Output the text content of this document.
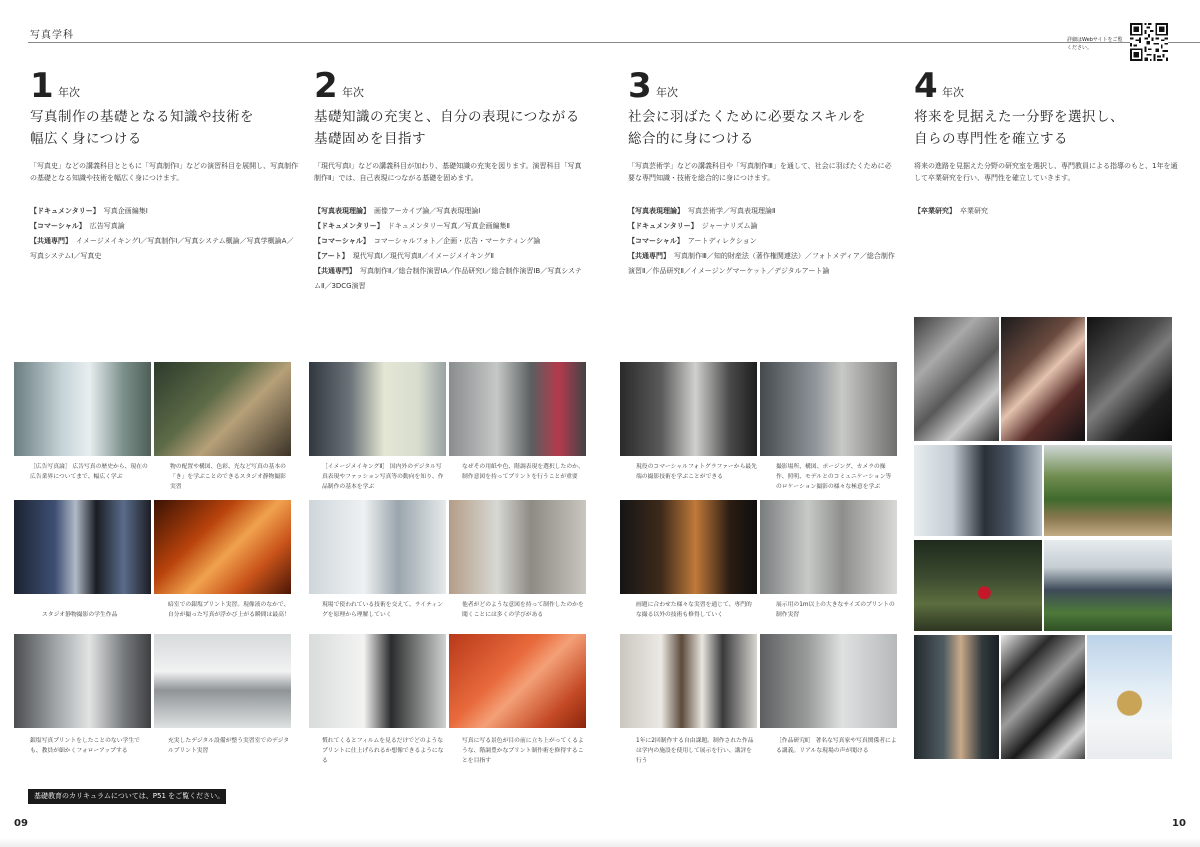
写真学科	詳細はWebサイトをご覧ください。
1 年次
写真制作の基礎となる知識や技術を
幅広く身につける
「写真史」などの講義科目とともに「写真制作Ⅰ」などの演習科目を展開し、写真制作の基礎となる知識や技術を幅広く身につけます。
【ドキュメンタリー】 写真企画編集Ⅰ
【コマーシャル】 広告写真論
【共通専門】 イメージメイキングⅠ／写真制作Ⅰ／写真システム概論／写真学概論A／写真システムⅠ／写真史
2 年次
基礎知識の充実と、自分の表現につながる
基礎固めを目指す
「現代写真Ⅰ」などの講義科目が加わり、基礎知識の充実を図ります。演習科目「写真制作Ⅱ」では、自己表現につながる基礎を固めます。
【写真表現理論】 画像アーカイブ論／写真表現理論Ⅰ
【ドキュメンタリー】 ドキュメンタリー写真／写真企画編集Ⅱ
【コマーシャル】 コマーシャルフォト／企画・広告・マーケティング論
【アート】 現代写真Ⅰ／現代写真Ⅱ／イメージメイキングⅡ
【共通専門】 写真制作Ⅱ／総合制作演習ⅠA／作品研究Ⅰ／総合制作演習ⅠB／写真システムⅡ／3DCG演習
3 年次
社会に羽ばたくために必要なスキルを
総合的に身につける
「写真芸術学」などの講義科目や「写真制作Ⅲ」を通して、社会に羽ばたくために必要な専門知識・技術を総合的に身につけます。
【写真表現理論】 写真芸術学／写真表現理論Ⅱ
【ドキュメンタリー】 ジャーナリズム論
【コマーシャル】 アートディレクション
【共通専門】 写真制作Ⅲ／知的財産法（著作権関連法）／フォトメディア／総合制作演習Ⅱ／作品研究Ⅱ／イメージングマーケット／デジタルアート論
4 年次
将来を見据えた一分野を選択し、
自らの専門性を確立する
将来の進路を見据えた分野の研究室を選択し、専門教員による指導のもと、1年を通して卒業研究を行い、専門性を確立していきます。
【卒業研究】 卒業研究
［広告写真論］ 広告写真の歴史から、現在の広告業界についてまで、幅広く学ぶ
物の配置や構図、色彩、光など写真の基本の「き」を学ぶことのできるスタジオ静物撮影実習
［イメージメイキングⅡ］ 国内外のデジタル写真表現やファッション写真等の動向を知り、作品制作の基本を学ぶ
なぜその用紙や色、階調表現を選択したのか、制作意図を持ってプリントを行うことが重要
現役のコマーシャルフォトグラファーから最先端の撮影技術を学ぶことができる
撮影場所、構図、ポージング、カメラの操作、照明、モデルとのコミュニケーション等のロケーション撮影の様々な極意を学ぶ
スタジオ静物撮影の学生作品
暗室での銀塩プリント実習。現像液のなかで、自分が撮った写真が浮かび上がる瞬間は最高！
現場で使われている技術を交えて、ライティングを原理から理解していく
他者がどのような意図を持って制作したのかを聞くことには多くの学びがある
画題に合わせた様々な実習を通じて、専門的な撮る以外の技術も修得していく
展示用の1m以上の大きなサイズのプリントの制作実習
銀塩写真プリントをしたことのない学生でも、教員が細かくフォローアップする
充実したデジタル設備が整う実習室でのデジタルプリント実習
慣れてくるとフィルムを見るだけでどのようなプリントに仕上げられるか想像できるようになる
写真に写る景色が目の前に立ち上がってくるような、階調豊かなプリント制作術を修得することを目指す
1年に2回制作する自由課題。制作された作品は学内の施設を使用して展示を行い、講評を行う
［作品研究Ⅱ］ 著名な写真家や写真関係者による講義。リアルな現場の声が聞ける
基礎教育のカリキュラムについては、P51 をご覧ください。
09	10
